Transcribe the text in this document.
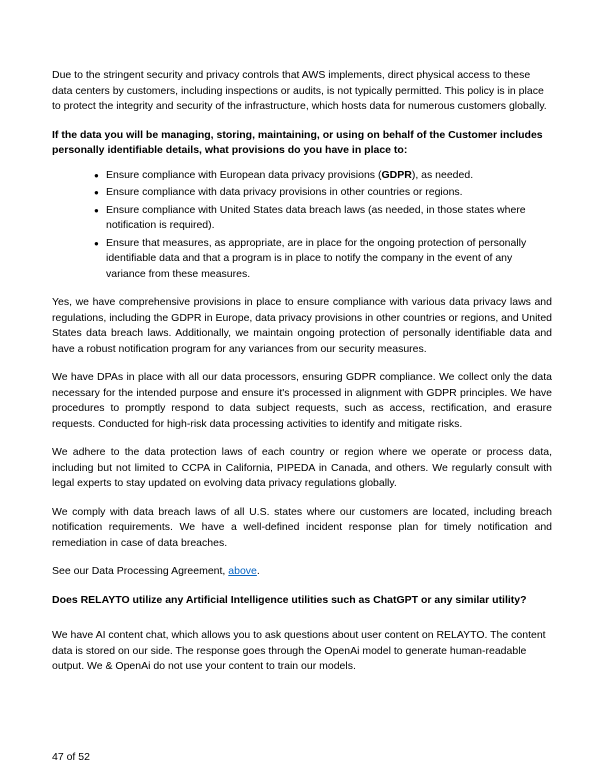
Due to the stringent security and privacy controls that AWS implements, direct physical access to these data centers by customers, including inspections or audits, is not typically permitted. This policy is in place to protect the integrity and security of the infrastructure, which hosts data for numerous customers globally.

If the data you will be managing, storing, maintaining, or using on behalf of the Customer includes personally identifiable details, what provisions do you have in place to:

● Ensure compliance with European data privacy provisions (GDPR), as needed.
● Ensure compliance with data privacy provisions in other countries or regions.
● Ensure compliance with United States data breach laws (as needed, in those states where notification is required).
● Ensure that measures, as appropriate, are in place for the ongoing protection of personally identifiable data and that a program is in place to notify the company in the event of any variance from these measures.

Yes, we have comprehensive provisions in place to ensure compliance with various data privacy laws and regulations, including the GDPR in Europe, data privacy provisions in other countries or regions, and United States data breach laws. Additionally, we maintain ongoing protection of personally identifiable data and have a robust notification program for any variances from our security measures.

We have DPAs in place with all our data processors, ensuring GDPR compliance. We collect only the data necessary for the intended purpose and ensure it's processed in alignment with GDPR principles. We have procedures to promptly respond to data subject requests, such as access, rectification, and erasure requests. Conducted for high-risk data processing activities to identify and mitigate risks.

We adhere to the data protection laws of each country or region where we operate or process data, including but not limited to CCPA in California, PIPEDA in Canada, and others. We regularly consult with legal experts to stay updated on evolving data privacy regulations globally.

We comply with data breach laws of all U.S. states where our customers are located, including breach notification requirements. We have a well-defined incident response plan for timely notification and remediation in case of data breaches.

See our Data Processing Agreement, above.

Does RELAYTO utilize any Artificial Intelligence utilities such as ChatGPT or any similar utility?

We have AI content chat, which allows you to ask questions about user content on RELAYTO. The content data is stored on our side. The response goes through the OpenAi model to generate human-readable output. We & OpenAi do not use your content to train our models.

47 of 52
